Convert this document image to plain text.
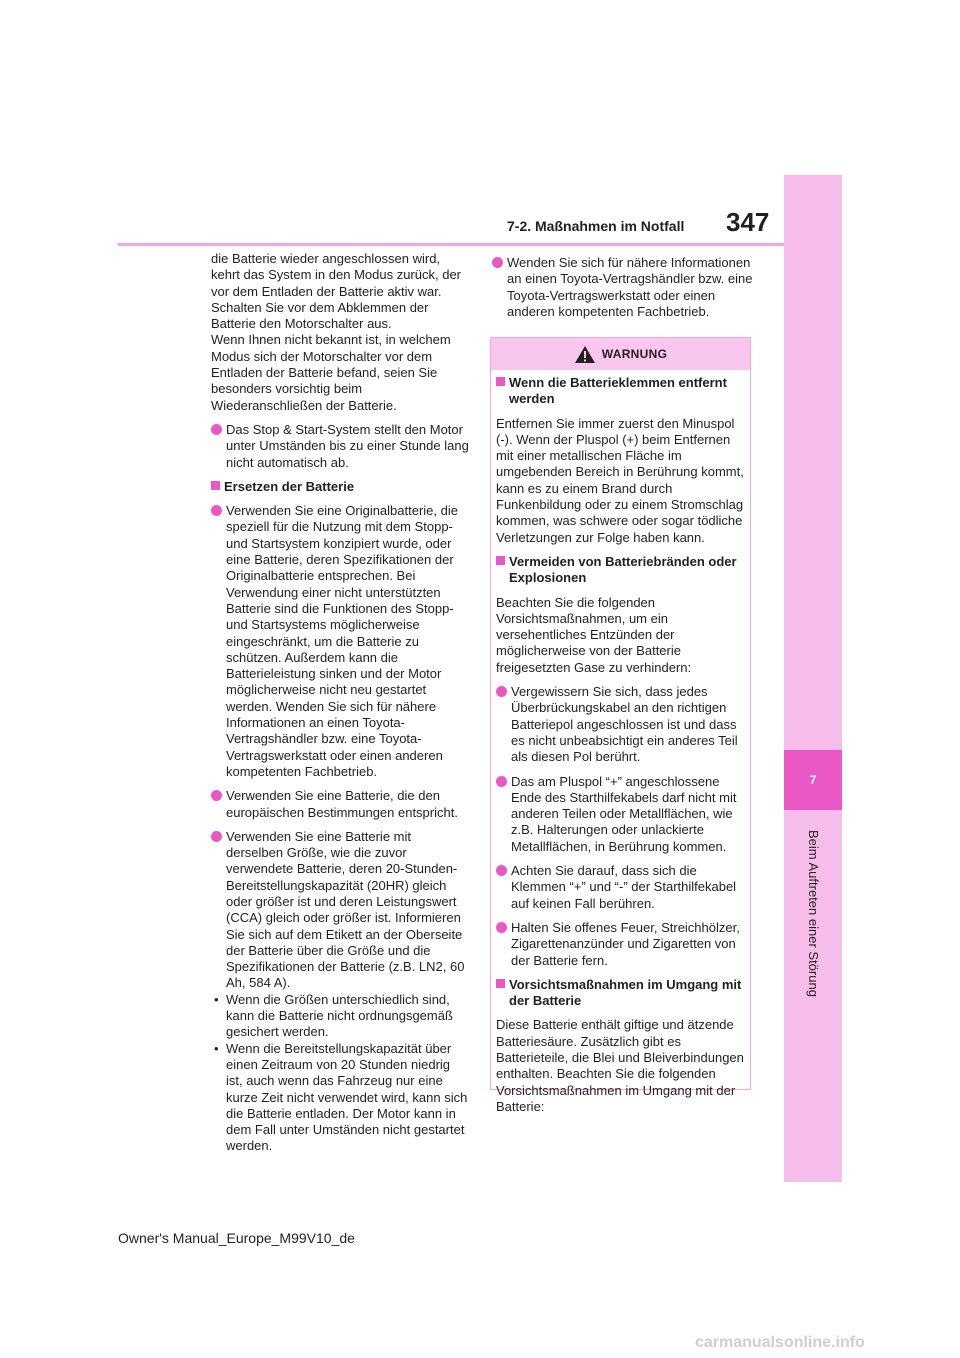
347
7-2. Maßnahmen im Notfall
7
Beim Auftreten einer Störung
die Batterie wieder angeschlossen wird, kehrt das System in den Modus zurück, der vor dem Entladen der Batterie aktiv war. Schalten Sie vor dem Abklemmen der Batterie den Motorschalter aus.
Wenn Ihnen nicht bekannt ist, in welchem Modus sich der Motorschalter vor dem Entladen der Batterie befand, seien Sie besonders vorsichtig beim Wiederanschließen der Batterie.
Das Stop & Start-System stellt den Motor unter Umständen bis zu einer Stunde lang nicht automatisch ab.
Ersetzen der Batterie
Verwenden Sie eine Originalbatterie, die speziell für die Nutzung mit dem Stopp- und Startsystem konzipiert wurde, oder eine Batterie, deren Spezifikationen der Originalbatterie entsprechen. Bei Verwendung einer nicht unterstützten Batterie sind die Funktionen des Stopp- und Startsystems möglicherweise eingeschränkt, um die Batterie zu schützen. Außerdem kann die Batterieleistung sinken und der Motor möglicherweise nicht neu gestartet werden. Wenden Sie sich für nähere Informationen an einen Toyota-Vertragshändler bzw. eine Toyota-Vertragswerkstatt oder einen anderen kompetenten Fachbetrieb.
Verwenden Sie eine Batterie, die den europäischen Bestimmungen entspricht.
Verwenden Sie eine Batterie mit derselben Größe, wie die zuvor verwendete Batterie, deren 20-Stunden-Bereitstellungskapazität (20HR) gleich oder größer ist und deren Leistungswert (CCA) gleich oder größer ist. Informieren Sie sich auf dem Etikett an der Oberseite der Batterie über die Größe und die Spezifikationen der Batterie (z.B. LN2, 60 Ah, 584 A).
• Wenn die Größen unterschiedlich sind, kann die Batterie nicht ordnungsgemäß gesichert werden.
• Wenn die Bereitstellungskapazität über einen Zeitraum von 20 Stunden niedrig ist, auch wenn das Fahrzeug nur eine kurze Zeit nicht verwendet wird, kann sich die Batterie entladen. Der Motor kann in dem Fall unter Umständen nicht gestartet werden.
Wenden Sie sich für nähere Informationen an einen Toyota-Vertragshändler bzw. eine Toyota-Vertragswerkstatt oder einen anderen kompetenten Fachbetrieb.
WARNUNG
Wenn die Batterieklemmen entfernt werden
Entfernen Sie immer zuerst den Minuspol (-). Wenn der Pluspol (+) beim Entfernen mit einer metallischen Fläche im umgebenden Bereich in Berührung kommt, kann es zu einem Brand durch Funkenbildung oder zu einem Stromschlag kommen, was schwere oder sogar tödliche Verletzungen zur Folge haben kann.
Vermeiden von Batteriebränden oder Explosionen
Beachten Sie die folgenden Vorsichtsmaßnahmen, um ein versehentliches Entzünden der möglicherweise von der Batterie freigesetzten Gase zu verhindern:
Vergewissern Sie sich, dass jedes Überbrückungskabel an den richtigen Batteriepol angeschlossen ist und dass es nicht unbeabsichtigt ein anderes Teil als diesen Pol berührt.
Das am Pluspol “+” angeschlossene Ende des Starthilfekabels darf nicht mit anderen Teilen oder Metallflächen, wie z.B. Halterungen oder unlackierte Metallflächen, in Berührung kommen.
Achten Sie darauf, dass sich die Klemmen “+” und “-” der Starthilfekabel auf keinen Fall berühren.
Halten Sie offenes Feuer, Streichhölzer, Zigarettenanzünder und Zigaretten von der Batterie fern.
Vorsichtsmaßnahmen im Umgang mit der Batterie
Diese Batterie enthält giftige und ätzende Batteriesäure. Zusätzlich gibt es Batterieteile, die Blei und Bleiverbindungen enthalten. Beachten Sie die folgenden Vorsichtsmaßnahmen im Umgang mit der Batterie:
Owner's Manual_Europe_M99V10_de
carmanualsonline.info
